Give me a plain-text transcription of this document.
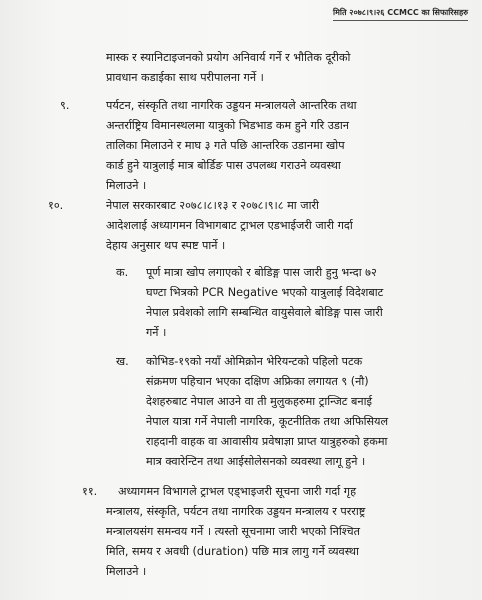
मिति २०७८।९।२६ CCMCC का सिफारिसहरु
मास्क र स्यानिटाइजनको प्रयोग अनिवार्य गर्ने र भौतिक दूरीको
प्रावधान कडाईका साथ परीपालना गर्ने ।
९.	पर्यटन, संस्कृति तथा नागरिक उड्डयन मन्त्रालयले आन्तरिक तथा
अन्तर्राष्ट्रिय विमानस्थलमा यात्रुको भिडभाड कम हुने गरि उडान
तालिका मिलाउने र माघ ३ गते पछि आन्तरिक उडानमा खोप
कार्ड हुने यात्रुलाई मात्र बोर्डिङ पास उपलब्ध गराउने व्यवस्था
मिलाउने ।
१०.	नेपाल सरकारबाट २०७८।८।१३ र २०७८।९।८ मा जारी
आदेशलाई अध्यागमन विभागबाट ट्राभल एडभाईजरी जारी गर्दा
देहाय अनुसार थप स्पष्ट पार्ने ।
क. पूर्ण मात्रा खोप लगाएको र बोडिङ्ग पास जारी हुनु भन्दा ७२
घण्टा भित्रको PCR Negative भएको यात्रुलाई विदेशबाट
नेपाल प्रवेशको लागि सम्बन्धित वायुसेवाले बोडिङ्ग पास जारी
गर्ने ।
ख. कोभिड-१९को नयाँ ओमिक्रोन भेरियन्टको पहिलो पटक
संक्रमण पहिचान भएका दक्षिण अफ्रिका लगायत ९ (नौ)
देशहरुबाट नेपाल आउने वा ती मुलुकहरुमा ट्रान्जिट बनाई
नेपाल यात्रा गर्ने नेपाली नागरिक, कूटनीतिक तथा अफिसियल
राहदानी वाहक वा आवासीय प्रवेषाज्ञा प्राप्त यात्रुहरुको हकमा
मात्र क्वारेन्टिन तथा आईसोलेसनको व्यवस्था लागू हुने ।
११. अध्यागमन विभागले ट्राभल एड्भाइजरी सूचना जारी गर्दा गृह
मन्त्रालय, संस्कृति, पर्यटन तथा नागरिक उड्डयन मन्त्रालय र परराष्ट्र
मन्त्रालयसंग समन्वय गर्ने । त्यस्तो सूचनामा जारी भएको निश्चित
मिति, समय र अवधी (duration) पछि मात्र लागु गर्ने व्यवस्था
मिलाउने ।
